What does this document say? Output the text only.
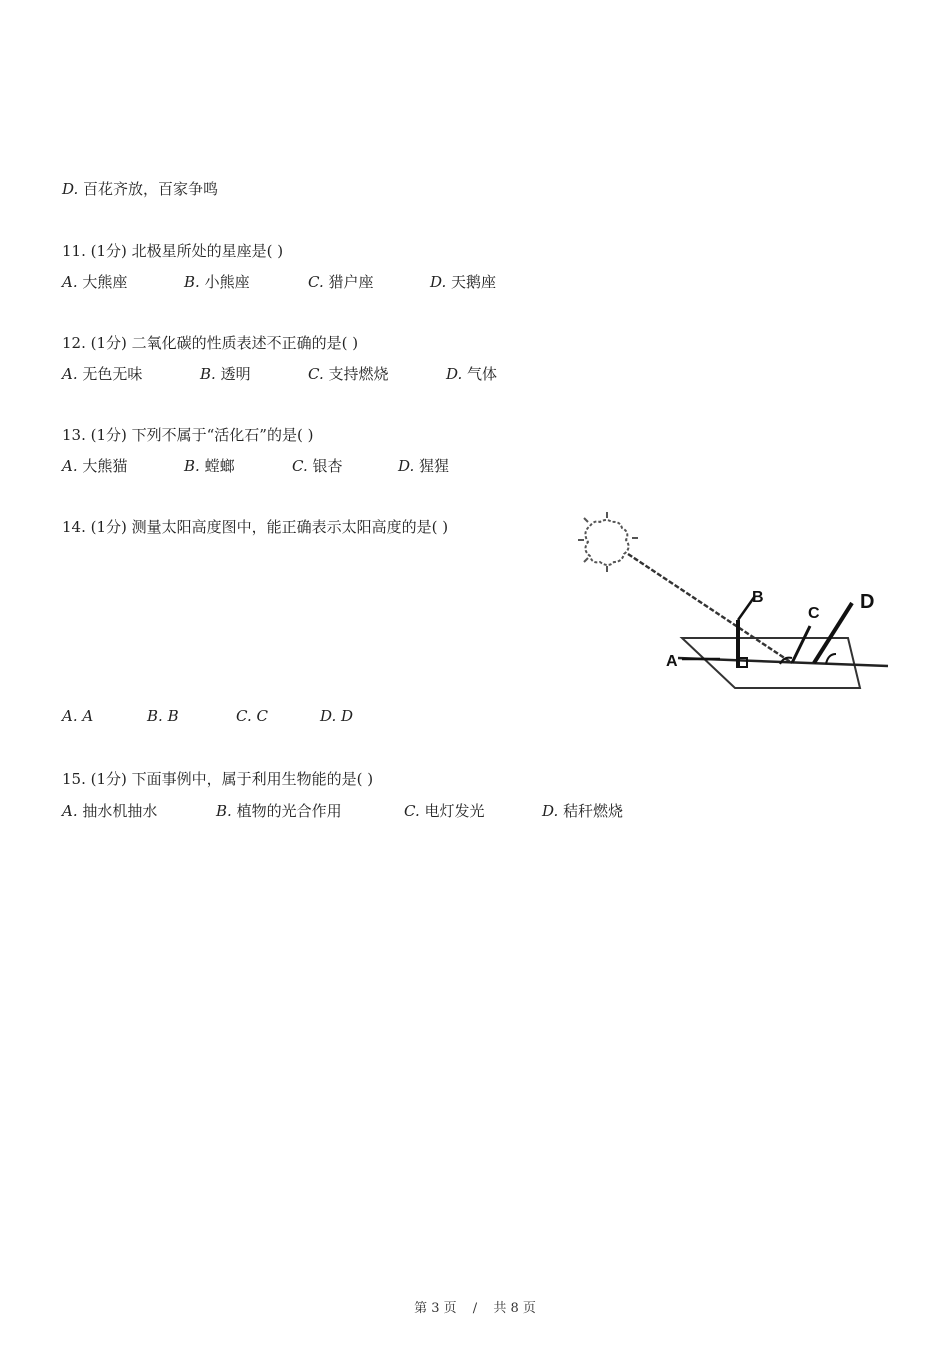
D. 百花齐放，百家争鸣
11. (1分) 北极星所处的星座是( )
A. 大熊座	B. 小熊座	C. 猎户座	D. 天鹅座
12. (1分) 二氧化碳的性质表述不正确的是( )
A. 无色无味	B. 透明	C. 支持燃烧	D. 气体
13. (1分) 下列不属于“活化石”的是( )
A. 大熊猫	B. 螳螂	C. 银杏	D. 猩猩
14. (1分) 测量太阳高度图中，能正确表示太阳高度的是( )
A
B
C
D
A. A	B. B	C. C	D. D
15. (1分) 下面事例中，属于利用生物能的是( )
A. 抽水机抽水	B. 植物的光合作用	C. 电灯发光	D. 秸秆燃烧
第 3 页 / 共 8 页
